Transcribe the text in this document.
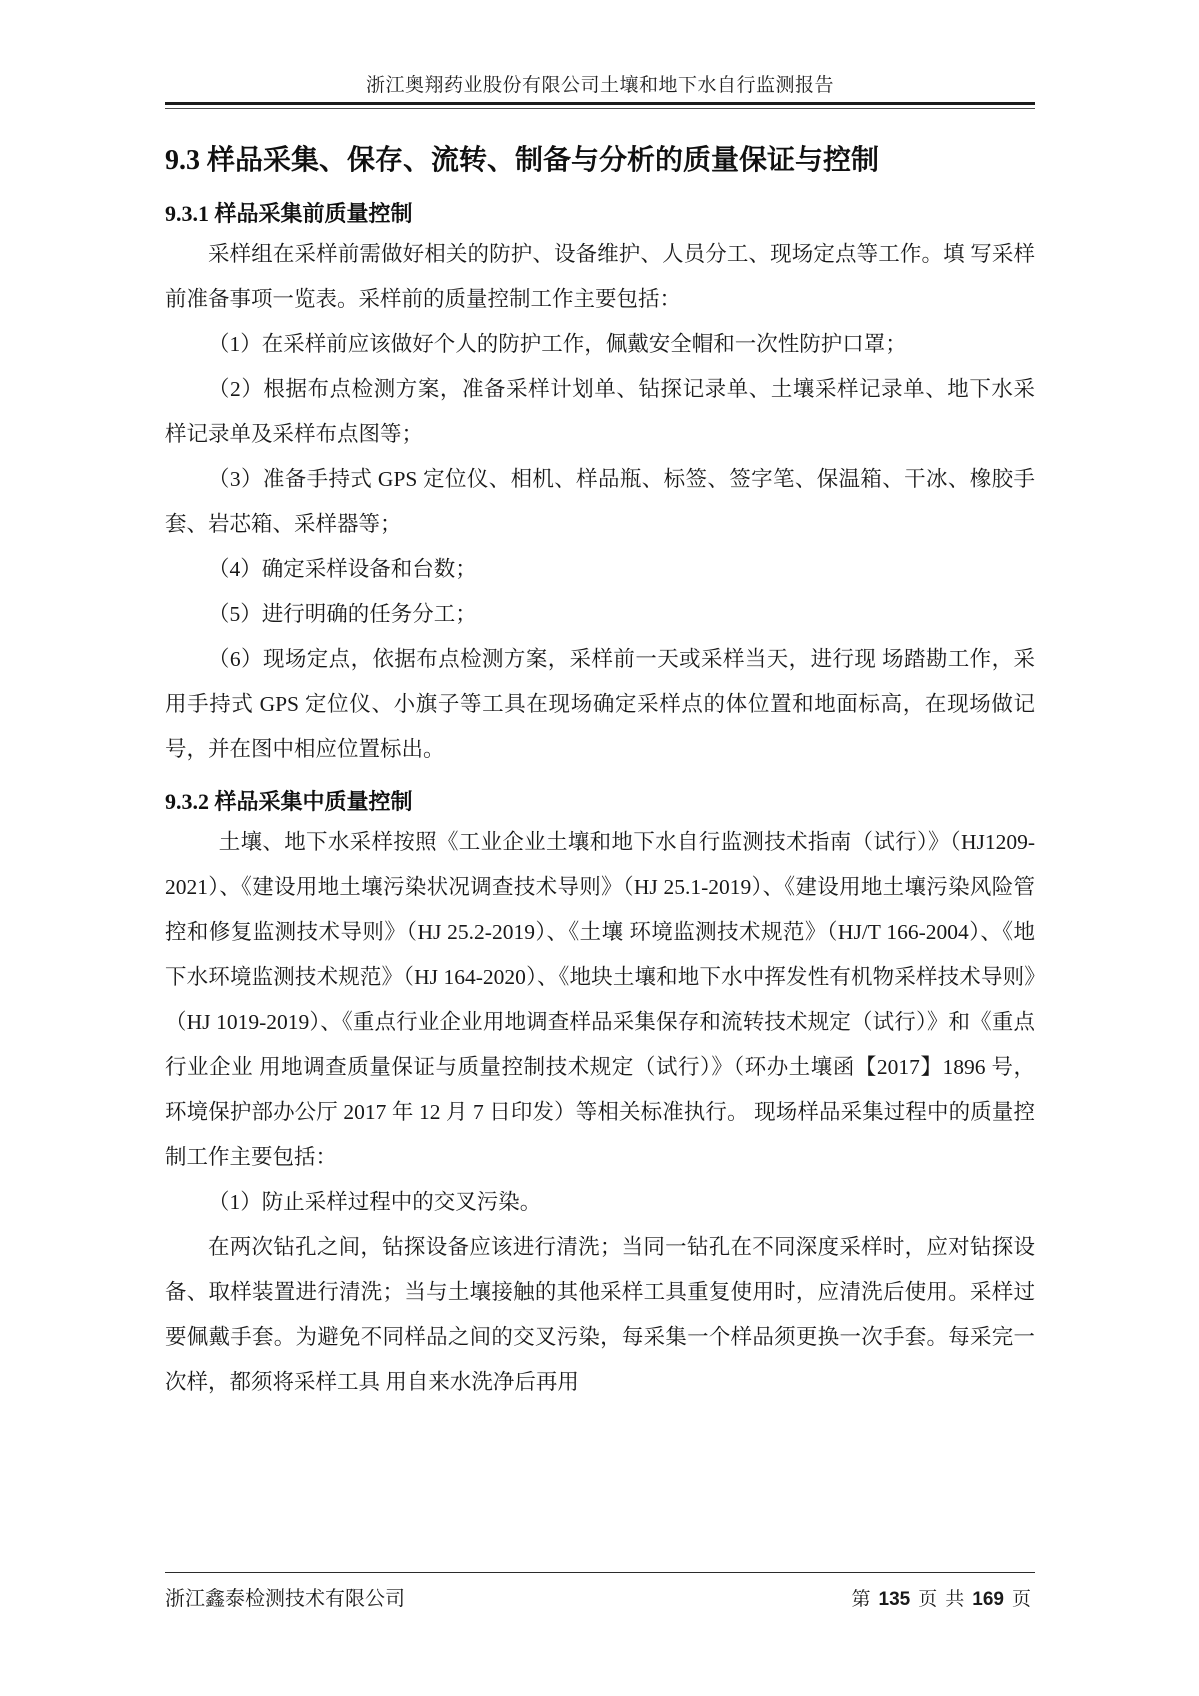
浙江奥翔药业股份有限公司土壤和地下水自行监测报告
9.3 样品采集、保存、流转、制备与分析的质量保证与控制
9.3.1 样品采集前质量控制

采样组在采样前需做好相关的防护、设备维护、人员分工、现场定点等工作。填 写采样前准备事项一览表。采样前的质量控制工作主要包括：

（1）在采样前应该做好个人的防护工作，佩戴安全帽和一次性防护口罩；

（2）根据布点检测方案，准备采样计划单、钻探记录单、土壤采样记录单、地下水采样记录单及采样布点图等；

（3）准备手持式 GPS 定位仪、相机、样品瓶、标签、签字笔、保温箱、干冰、橡胶手套、岩芯箱、采样器等；

（4）确定采样设备和台数；

（5）进行明确的任务分工；

（6）现场定点，依据布点检测方案，采样前一天或采样当天，进行现 场踏勘工作，采用手持式 GPS 定位仪、小旗子等工具在现场确定采样点的体位置和地面标高，在现场做记号，并在图中相应位置标出。

9.3.2 样品采集中质量控制

土壤、地下水采样按照《工业企业土壤和地下水自行监测技术指南（试行）》（HJ1209-2021）、《建设用地土壤污染状况调查技术导则》（HJ 25.1-2019）、《建设用地土壤污染风险管控和修复监测技术导则》（HJ 25.2-2019）、《土壤 环境监测技术规范》（HJ/T 166-2004）、《地下水环境监测技术规范》（HJ 164-2020）、《地块土壤和地下水中挥发性有机物采样技术导则》（HJ 1019-2019）、《重点行业企业用地调查样品采集保存和流转技术规定（试行）》和《重点行业企业 用地调查质量保证与质量控制技术规定（试行）》（环办土壤函【2017】1896 号，环境保护部办公厅 2017 年 12 月 7 日印发）等相关标准执行。 现场样品采集过程中的质量控制工作主要包括：

（1）防止采样过程中的交叉污染。

在两次钻孔之间，钻探设备应该进行清洗；当同一钻孔在不同深度采样时，应对钻探设备、取样装置进行清洗；当与土壤接触的其他采样工具重复使用时，应清洗后使用。采样过要佩戴手套。为避免不同样品之间的交叉污染，每采集一个样品须更换一次手套。每采完一次样，都须将采样工具 用自来水洗净后再用

浙江鑫泰检测技术有限公司	第 135 页 共 169 页
